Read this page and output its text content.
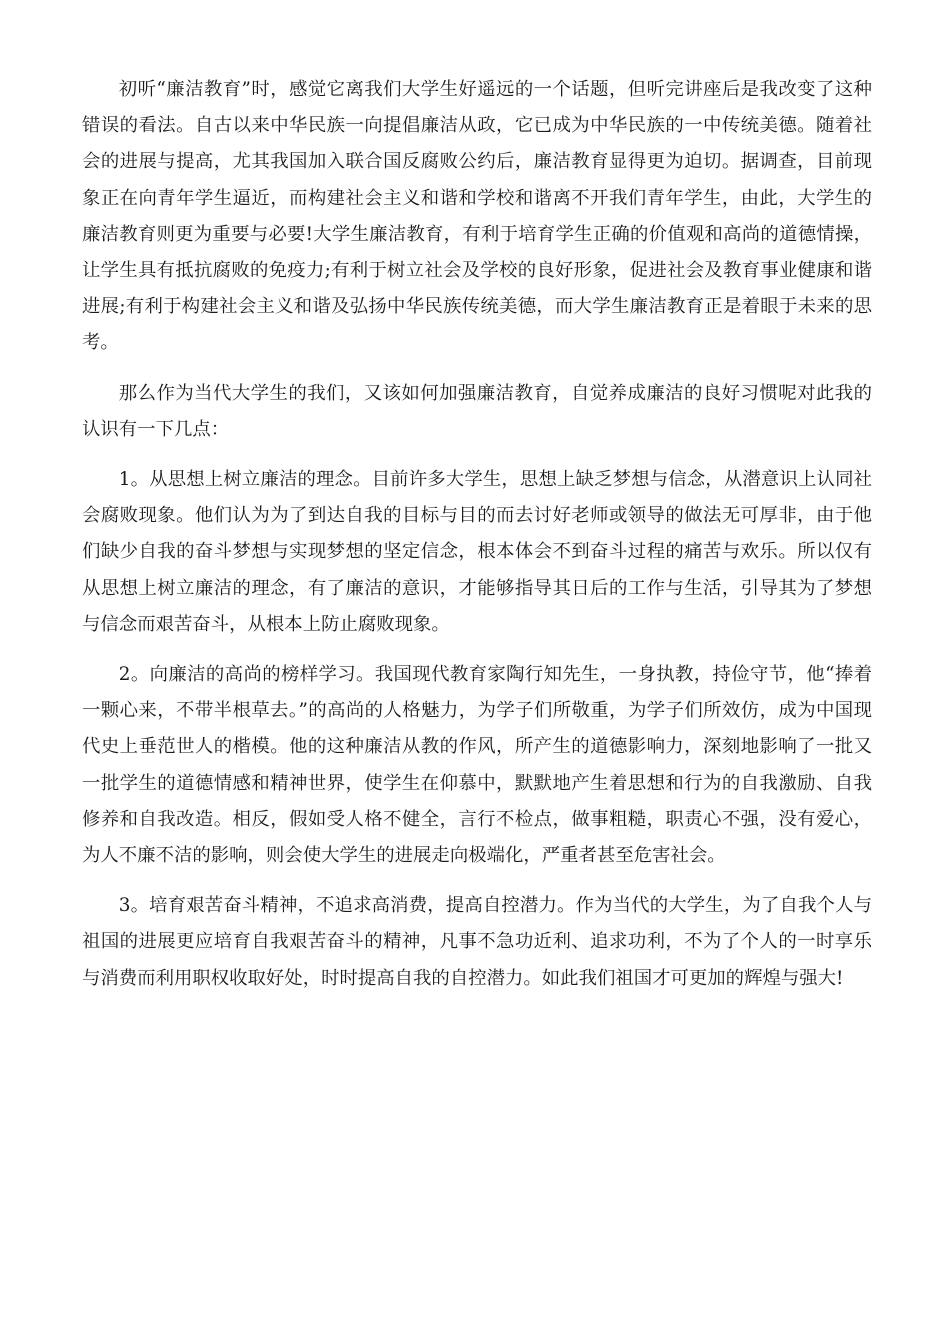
初听“廉洁教育”时，感觉它离我们大学生好遥远的一个话题，但听完讲座后是我改变了这种错误的看法。自古以来中华民族一向提倡廉洁从政，它已成为中华民族的一中传统美德。随着社会的进展与提高，尤其我国加入联合国反腐败公约后，廉洁教育显得更为迫切。据调查，目前现象正在向青年学生逼近，而构建社会主义和谐和学校和谐离不开我们青年学生，由此，大学生的廉洁教育则更为重要与必要!大学生廉洁教育，有利于培育学生正确的价值观和高尚的道德情操，让学生具有抵抗腐败的免疫力;有利于树立社会及学校的良好形象，促进社会及教育事业健康和谐进展;有利于构建社会主义和谐及弘扬中华民族传统美德，而大学生廉洁教育正是着眼于未来的思考。

那么作为当代大学生的我们，又该如何加强廉洁教育，自觉养成廉洁的良好习惯呢对此我的认识有一下几点：

1。从思想上树立廉洁的理念。目前许多大学生，思想上缺乏梦想与信念，从潜意识上认同社会腐败现象。他们认为为了到达自我的目标与目的而去讨好老师或领导的做法无可厚非，由于他们缺少自我的奋斗梦想与实现梦想的坚定信念，根本体会不到奋斗过程的痛苦与欢乐。所以仅有从思想上树立廉洁的理念，有了廉洁的意识，才能够指导其日后的工作与生活，引导其为了梦想与信念而艰苦奋斗，从根本上防止腐败现象。

2。向廉洁的高尚的榜样学习。我国现代教育家陶行知先生，一身执教，持俭守节，他“捧着一颗心来，不带半根草去。”的高尚的人格魅力，为学子们所敬重，为学子们所效仿，成为中国现代史上垂范世人的楷模。他的这种廉洁从教的作风，所产生的道德影响力，深刻地影响了一批又一批学生的道德情感和精神世界，使学生在仰慕中，默默地产生着思想和行为的自我激励、自我修养和自我改造。相反，假如受人格不健全，言行不检点，做事粗糙，职责心不强，没有爱心，为人不廉不洁的影响，则会使大学生的进展走向极端化，严重者甚至危害社会。

3。培育艰苦奋斗精神，不追求高消费，提高自控潜力。作为当代的大学生，为了自我个人与祖国的进展更应培育自我艰苦奋斗的精神，凡事不急功近利、追求功利，不为了个人的一时享乐与消费而利用职权收取好处，时时提高自我的自控潜力。如此我们祖国才可更加的辉煌与强大!
